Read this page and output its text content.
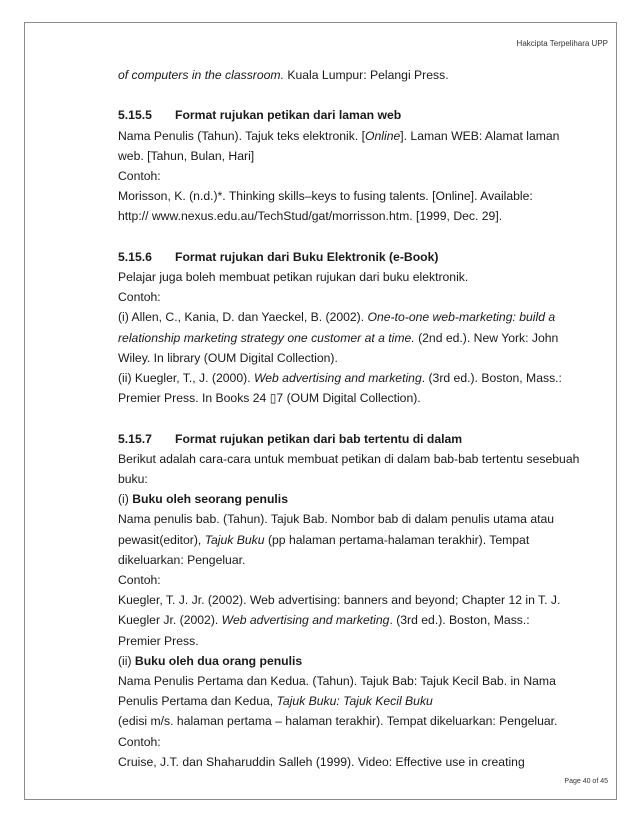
Hakcipta Terpelihara UPP
of computers in the classroom. Kuala Lumpur: Pelangi Press.
5.15.5 Format rujukan petikan dari laman web
Nama Penulis (Tahun). Tajuk teks elektronik. [Online]. Laman WEB: Alamat laman
web. [Tahun, Bulan, Hari]
Contoh:
Morisson, K. (n.d.)*. Thinking skills–keys to fusing talents. [Online]. Available:
http:// www.nexus.edu.au/TechStud/gat/morrisson.htm. [1999, Dec. 29].
5.15.6 Format rujukan dari Buku Elektronik (e-Book)
Pelajar juga boleh membuat petikan rujukan dari buku elektronik.
Contoh:
(i) Allen, C., Kania, D. dan Yaeckel, B. (2002). One-to-one web-marketing: build a
relationship marketing strategy one customer at a time. (2nd ed.). New York: John
Wiley. In library (OUM Digital Collection).
(ii) Kuegler, T., J. (2000). Web advertising and marketing. (3rd ed.). Boston, Mass.:
Premier Press. In Books 24 ▯7 (OUM Digital Collection).
5.15.7 Format rujukan petikan dari bab tertentu di dalam
Berikut adalah cara-cara untuk membuat petikan di dalam bab-bab tertentu sesebuah
buku:
(i) Buku oleh seorang penulis
Nama penulis bab. (Tahun). Tajuk Bab. Nombor bab di dalam penulis utama atau
pewasit(editor), Tajuk Buku (pp halaman pertama-halaman terakhir). Tempat
dikeluarkan: Pengeluar.
Contoh:
Kuegler, T. J. Jr. (2002). Web advertising: banners and beyond; Chapter 12 in T. J.
Kuegler Jr. (2002). Web advertising and marketing. (3rd ed.). Boston, Mass.:
Premier Press.
(ii) Buku oleh dua orang penulis
Nama Penulis Pertama dan Kedua. (Tahun). Tajuk Bab: Tajuk Kecil Bab. in Nama
Penulis Pertama dan Kedua, Tajuk Buku: Tajuk Kecil Buku
(edisi m/s. halaman pertama – halaman terakhir). Tempat dikeluarkan: Pengeluar.
Contoh:
Cruise, J.T. dan Shaharuddin Salleh (1999). Video: Effective use in creating
Page 40 of 45
